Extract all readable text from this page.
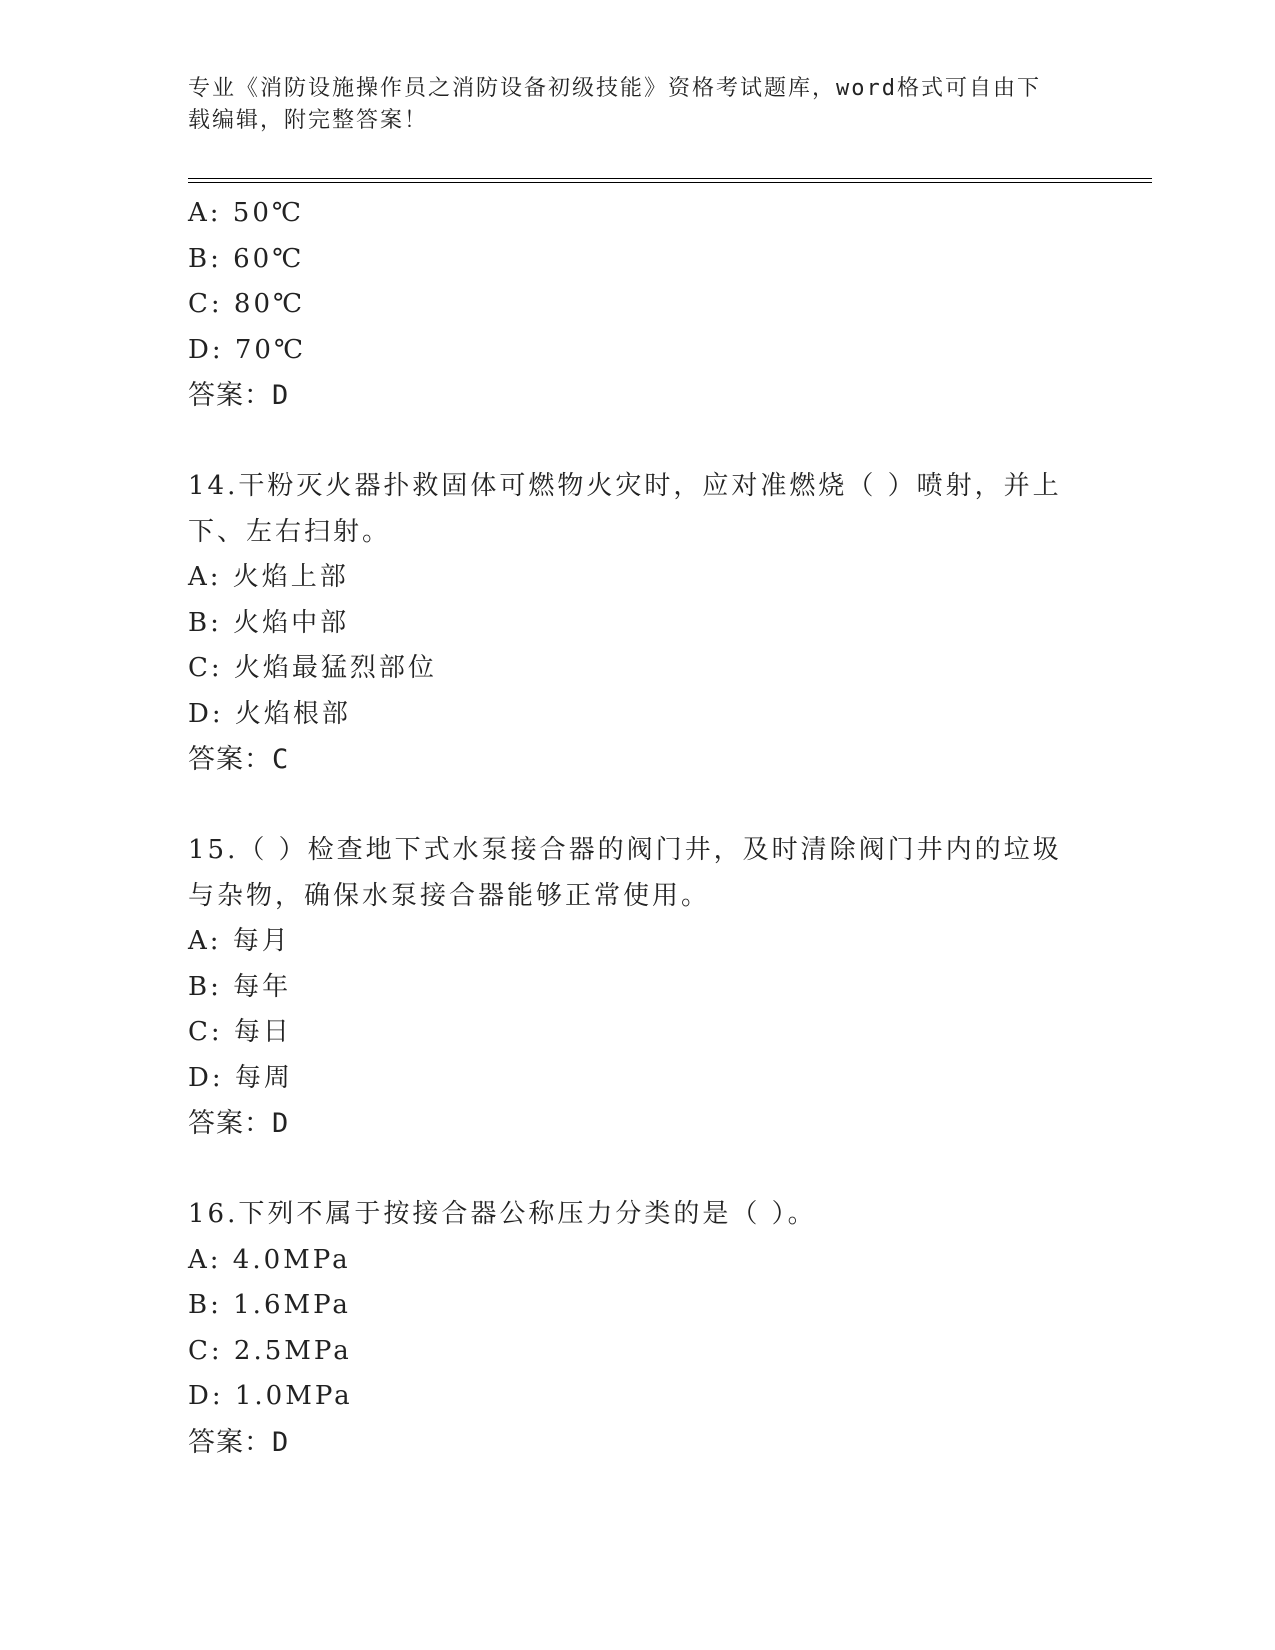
专业《消防设施操作员之消防设备初级技能》资格考试题库，word格式可自由下
载编辑，附完整答案！
A: 50℃
B: 60℃
C: 80℃
D: 70℃
答案：D
14.干粉灭火器扑救固体可燃物火灾时，应对准燃烧（ ）喷射，并上
下、左右扫射。
A: 火焰上部
B: 火焰中部
C: 火焰最猛烈部位
D: 火焰根部
答案：C
15.（ ）检查地下式水泵接合器的阀门井，及时清除阀门井内的垃圾
与杂物，确保水泵接合器能够正常使用。
A: 每月
B: 每年
C: 每日
D: 每周
答案：D
16.下列不属于按接合器公称压力分类的是（ ）。
A: 4.0MPa
B: 1.6MPa
C: 2.5MPa
D: 1.0MPa
答案：D
